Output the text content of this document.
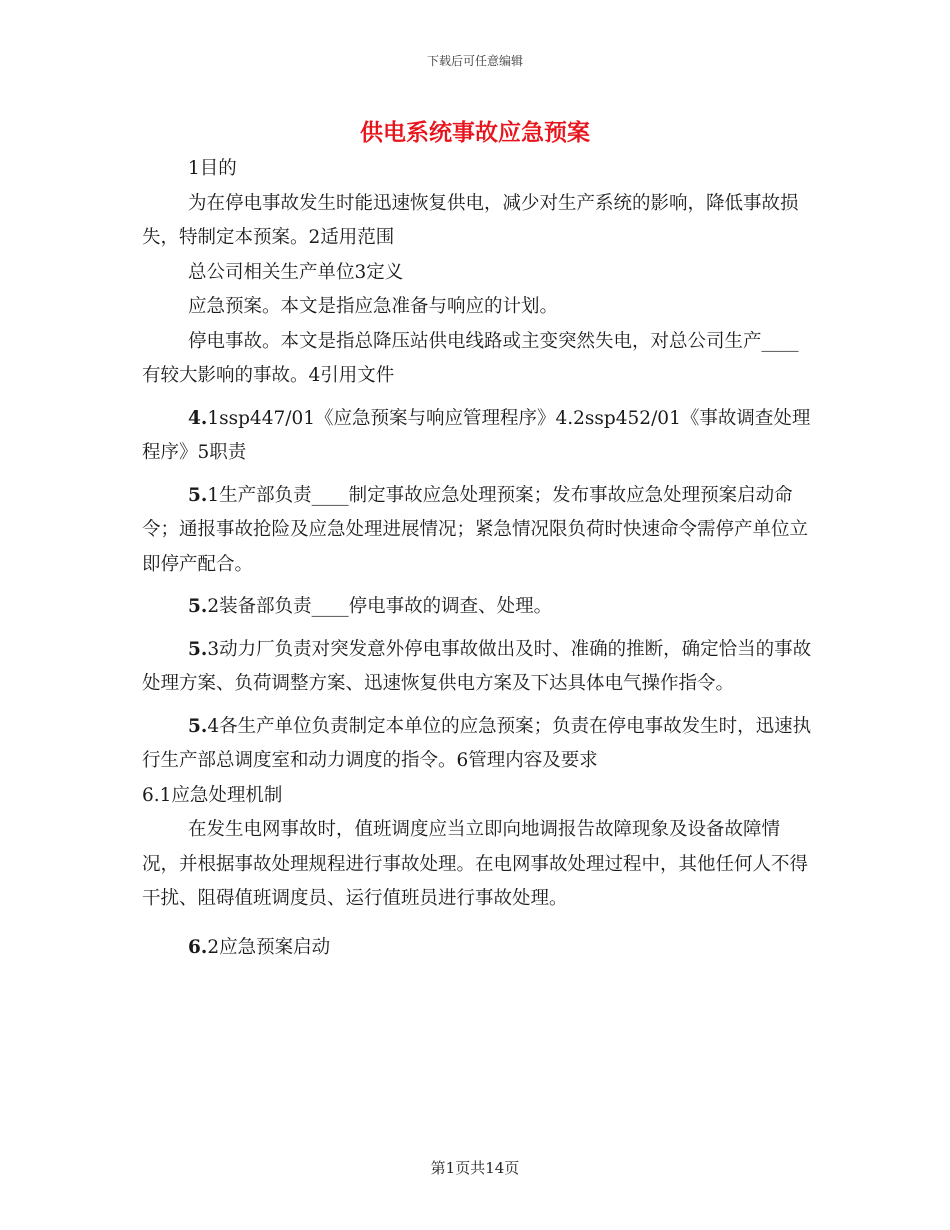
下载后可任意编辑
供电系统事故应急预案

1目的

为在停电事故发生时能迅速恢复供电，减少对生产系统的影响，降低事故损失，特制定本预案。2适用范围

总公司相关生产单位3定义

应急预案。本文是指应急准备与响应的计划。

停电事故。本文是指总降压站供电线路或主变突然失电，对总公司生产____有较大影响的事故。4引用文件

4.1ssp447/01《应急预案与响应管理程序》4.2ssp452/01《事故调查处理程序》5职责

5.1生产部负责____制定事故应急处理预案；发布事故应急处理预案启动命令；通报事故抢险及应急处理进展情况；紧急情况限负荷时快速命令需停产单位立即停产配合。

5.2装备部负责____停电事故的调查、处理。

5.3动力厂负责对突发意外停电事故做出及时、准确的推断，确定恰当的事故处理方案、负荷调整方案、迅速恢复供电方案及下达具体电气操作指令。

5.4各生产单位负责制定本单位的应急预案；负责在停电事故发生时，迅速执行生产部总调度室和动力调度的指令。6管理内容及要求

6.1应急处理机制

在发生电网事故时，值班调度应当立即向地调报告故障现象及设备故障情况，并根据事故处理规程进行事故处理。在电网事故处理过程中，其他任何人不得干扰、阻碍值班调度员、运行值班员进行事故处理。

6.2应急预案启动

第1页共14页
